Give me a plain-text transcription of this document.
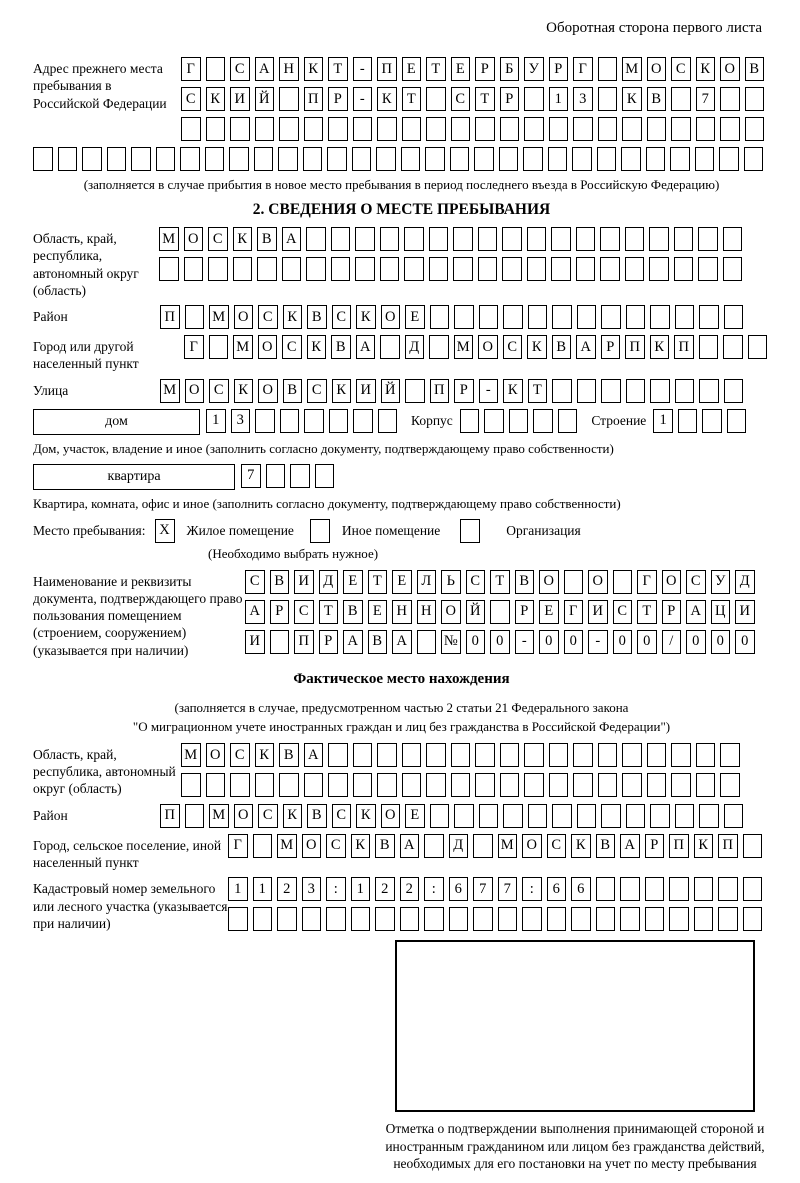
Оборотная сторона первого листа
Адрес прежнего места пребывания в Российской Федерации
Г	С А Н К	Т	-	П	Е	Т	Е	Р	Б	У	Р	Г	М О С	К О В
С	К И Й	П	Р	-	К	Т	С	Т	Р	1	3	К	В	7
(заполняется в случае прибытия в новое место пребывания в период последнего въезда в Российскую Федерацию)
2. СВЕДЕНИЯ О МЕСТЕ ПРЕБЫВАНИЯ
Область, край, республика, автономный округ (область)
М О С	К	В А
Район	П	М О С	К	В	С	К О	Е
Город или другой населенный пункт
Г	М О С	К	В А	Д	М О С	К	В А	Р	П К П
Улица	М О С	К О В	С	К И Й	П	Р	-	К	Т
дом	1	3	Корпус	Строение 1
Дом, участок, владение и иное (заполнить согласно документу, подтверждающему право собственности)
квартира	7
Квартира, комната, офис и иное (заполнить согласно документу, подтверждающему право собственности)
Место пребывания: X	Жилое помещение	Иное помещение	Организация
(Необходимо выбрать нужное)
Наименование и реквизиты документа, подтверждающего право пользования помещением (строением, сооружением) (указывается при наличии)
С	В И Д	Е	Т	Е	Л	Ь	С	Т	В О	О	Г	О С	У Д
А	Р	С	Т	В	Е	Н Н О Й	Р	Е	Г	И С	Т	Р	А Ц И
И	П	Р	А В А	№ 0	0	-	0	0	-	0	0	/	0	0	0
Фактическое место нахождения
(заполняется в случае, предусмотренном частью 2 статьи 21 Федерального закона
"О миграционном учете иностранных граждан и лиц без гражданства в Российской Федерации")
Область, край, республика, автономный округ (область)
М О С	К	В А
Район	П	М О С	К	В	С	К О	Е
Город, сельское поселение, иной населенный пункт
Г	М О С	К	В А	Д	М О С	К	В А	Р	П К П
Кадастровый номер земельного или лесного участка (указывается при наличии)
1	1	2	3	:	1	2	2	:	6	7	7	:	6	6
Отметка о подтверждении выполнения принимающей стороной и иностранным гражданином или лицом без гражданства действий, необходимых для его постановки на учет по месту пребывания
